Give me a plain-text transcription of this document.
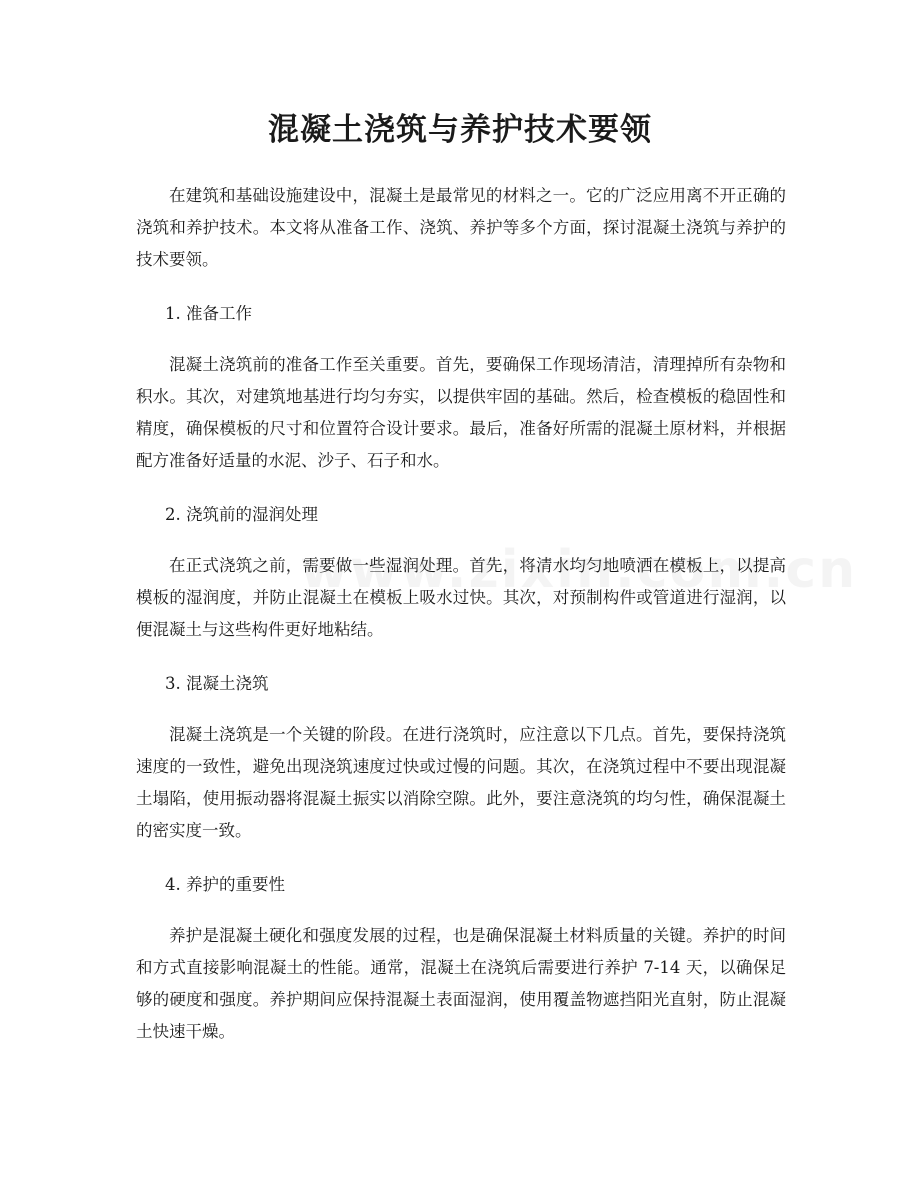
混凝土浇筑与养护技术要领

在建筑和基础设施建设中，混凝土是最常见的材料之一。它的广泛应用离不开正确的浇筑和养护技术。本文将从准备工作、浇筑、养护等多个方面，探讨混凝土浇筑与养护的技术要领。

1. 准备工作

混凝土浇筑前的准备工作至关重要。首先，要确保工作现场清洁，清理掉所有杂物和积水。其次，对建筑地基进行均匀夯实，以提供牢固的基础。然后，检查模板的稳固性和精度，确保模板的尺寸和位置符合设计要求。最后，准备好所需的混凝土原材料，并根据配方准备好适量的水泥、沙子、石子和水。

2. 浇筑前的湿润处理

在正式浇筑之前，需要做一些湿润处理。首先，将清水均匀地喷洒在模板上，以提高模板的湿润度，并防止混凝土在模板上吸水过快。其次，对预制构件或管道进行湿润，以便混凝土与这些构件更好地粘结。

3. 混凝土浇筑

混凝土浇筑是一个关键的阶段。在进行浇筑时，应注意以下几点。首先，要保持浇筑速度的一致性，避免出现浇筑速度过快或过慢的问题。其次，在浇筑过程中不要出现混凝土塌陷，使用振动器将混凝土振实以消除空隙。此外，要注意浇筑的均匀性，确保混凝土的密实度一致。

4. 养护的重要性

养护是混凝土硬化和强度发展的过程，也是确保混凝土材料质量的关键。养护的时间和方式直接影响混凝土的性能。通常，混凝土在浇筑后需要进行养护 7-14 天，以确保足够的硬度和强度。养护期间应保持混凝土表面湿润，使用覆盖物遮挡阳光直射，防止混凝土快速干燥。
